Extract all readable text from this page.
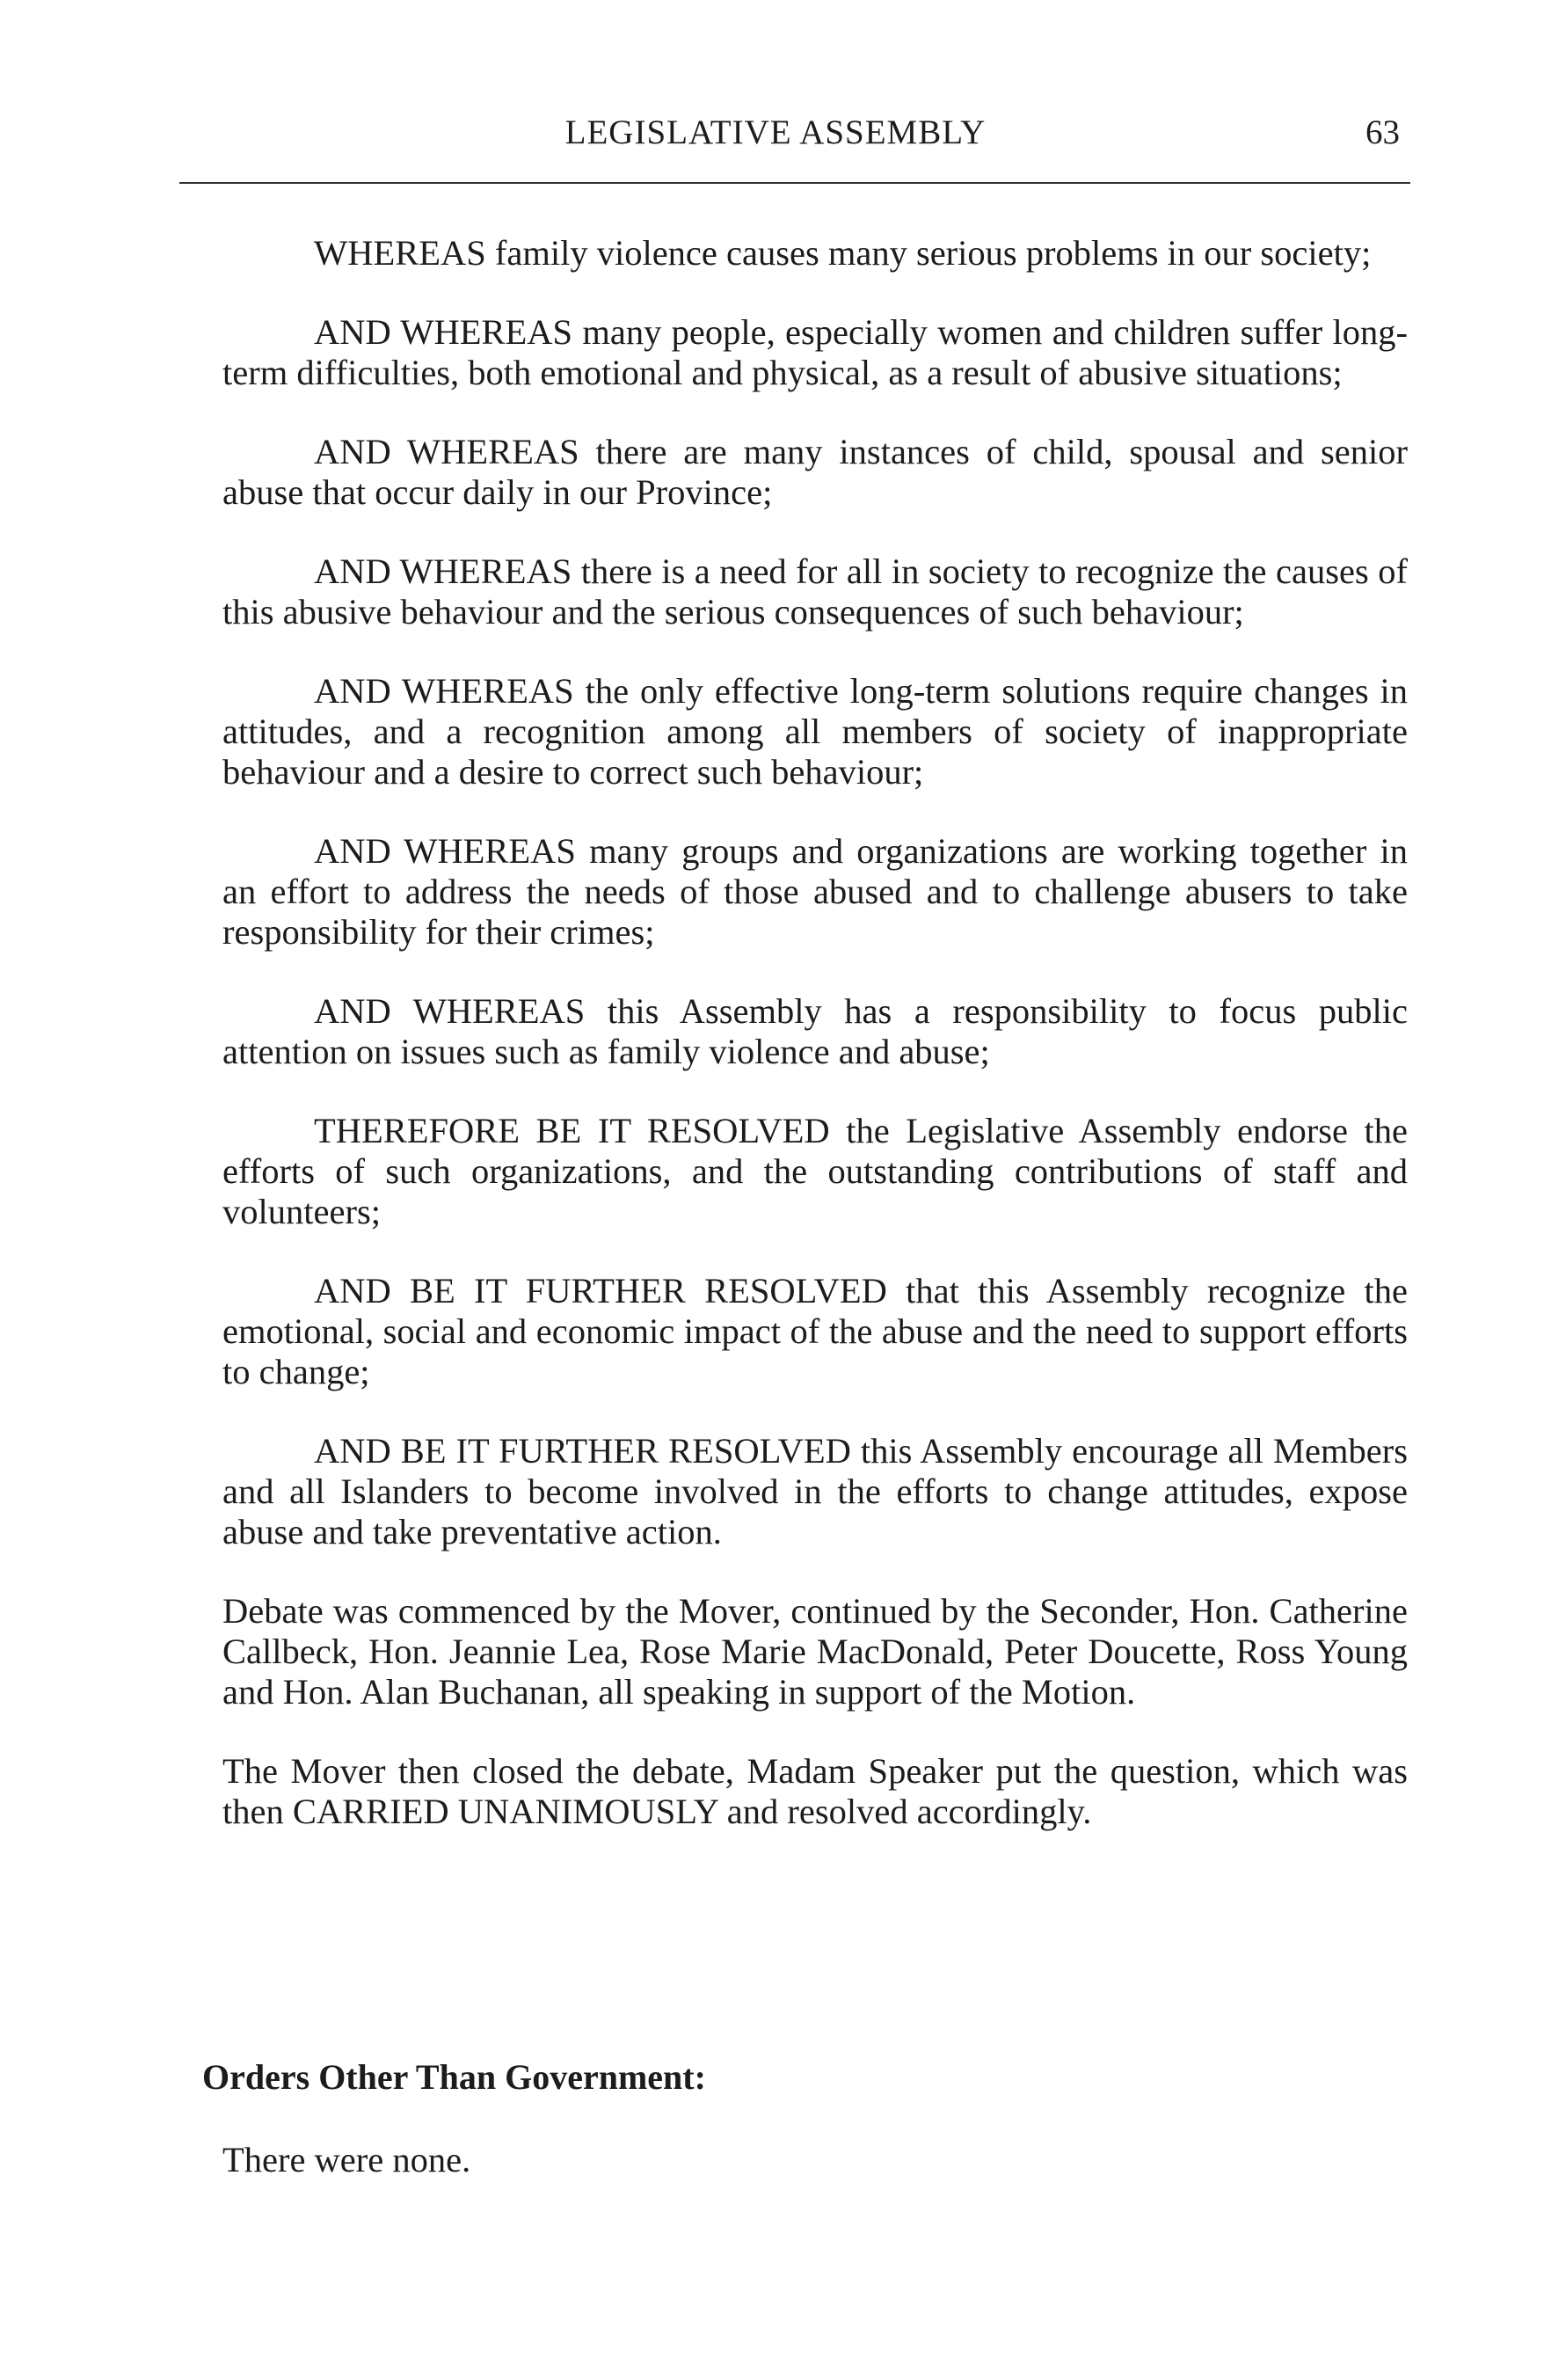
LEGISLATIVE ASSEMBLY	63

WHEREAS family violence causes many serious problems in our society;

AND WHEREAS many people, especially women and children suffer long-term difficulties, both emotional and physical, as a result of abusive situations;

AND WHEREAS there are many instances of child, spousal and senior abuse that occur daily in our Province;

AND WHEREAS there is a need for all in society to recognize the causes of this abusive behaviour and the serious consequences of such behaviour;

AND WHEREAS the only effective long-term solutions require changes in attitudes, and a recognition among all members of society of inappropriate behaviour and a desire to correct such behaviour;

AND WHEREAS many groups and organizations are working together in an effort to address the needs of those abused and to challenge abusers to take responsibility for their crimes;

AND WHEREAS this Assembly has a responsibility to focus public attention on issues such as family violence and abuse;

THEREFORE BE IT RESOLVED the Legislative Assembly endorse the efforts of such organizations, and the outstanding contributions of staff and volunteers;

AND BE IT FURTHER RESOLVED that this Assembly recognize the emotional, social and economic impact of the abuse and the need to support efforts to change;

AND BE IT FURTHER RESOLVED this Assembly encourage all Members and all Islanders to become involved in the efforts to change attitudes, expose abuse and take preventative action.

Debate was commenced by the Mover, continued by the Seconder, Hon. Catherine Callbeck, Hon. Jeannie Lea, Rose Marie MacDonald, Peter Doucette, Ross Young and Hon. Alan Buchanan, all speaking in support of the Motion.

The Mover then closed the debate, Madam Speaker put the question, which was then CARRIED UNANIMOUSLY and resolved accordingly.

Orders Other Than Government:
There were none.
